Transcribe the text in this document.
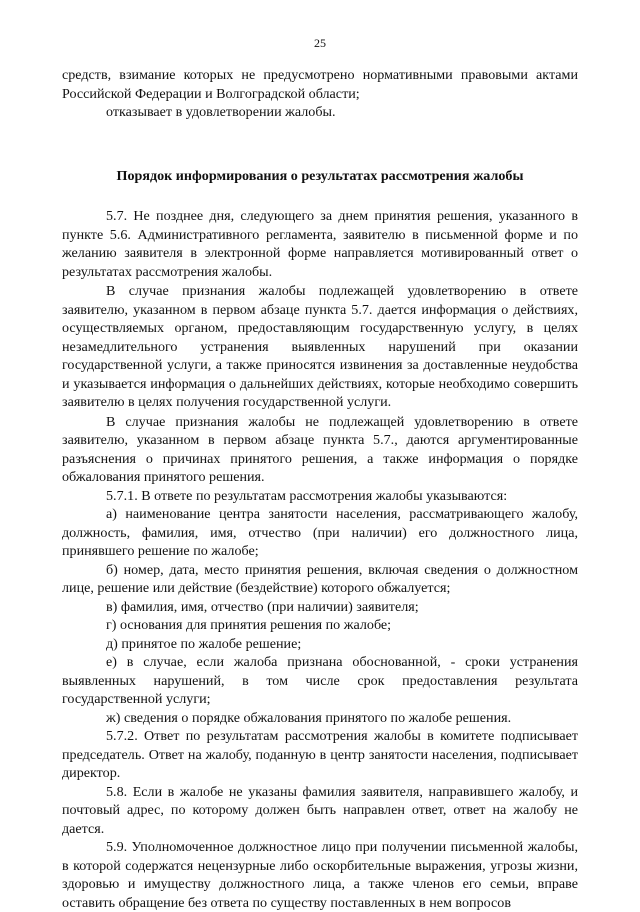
25

средств, взимание которых не предусмотрено нормативными правовыми актами Российской Федерации и Волгоградской области;

отказывает в удовлетворении жалобы.

Порядок информирования о результатах рассмотрения жалобы

5.7. Не позднее дня, следующего за днем принятия решения, указанного в пункте 5.6. Административного регламента, заявителю в письменной форме и по желанию заявителя в электронной форме направляется мотивированный ответ о результатах рассмотрения жалобы.

В случае признания жалобы подлежащей удовлетворению в ответе заявителю, указанном в первом абзаце пункта 5.7. дается информация о действиях, осуществляемых органом, предоставляющим государственную услугу, в целях незамедлительного устранения выявленных нарушений при оказании государственной услуги, а также приносятся извинения за доставленные неудобства и указывается информация о дальнейших действиях, которые необходимо совершить заявителю в целях получения государственной услуги.

В случае признания жалобы не подлежащей удовлетворению в ответе заявителю, указанном в первом абзаце пункта 5.7., даются аргументированные разъяснения о причинах принятого решения, а также информация о порядке обжалования принятого решения.

5.7.1. В ответе по результатам рассмотрения жалобы указываются:

а) наименование центра занятости населения, рассматривающего жалобу, должность, фамилия, имя, отчество (при наличии) его должностного лица, принявшего решение по жалобе;

б) номер, дата, место принятия решения, включая сведения о должностном лице, решение или действие (бездействие) которого обжалуется;

в) фамилия, имя, отчество (при наличии) заявителя;

г) основания для принятия решения по жалобе;

д) принятое по жалобе решение;

е) в случае, если жалоба признана обоснованной, - сроки устранения выявленных нарушений, в том числе срок предоставления результата государственной услуги;

ж) сведения о порядке обжалования принятого по жалобе решения.

5.7.2. Ответ по результатам рассмотрения жалобы в комитете подписывает председатель. Ответ на жалобу, поданную в центр занятости населения, подписывает директор.

5.8. Если в жалобе не указаны фамилия заявителя, направившего жалобу, и почтовый адрес, по которому должен быть направлен ответ, ответ на жалобу не дается.

5.9. Уполномоченное должностное лицо при получении письменной жалобы, в которой содержатся нецензурные либо оскорбительные выражения, угрозы жизни, здоровью и имуществу должностного лица, а также членов его семьи, вправе оставить обращение без ответа по существу поставленных в нем вопросов
